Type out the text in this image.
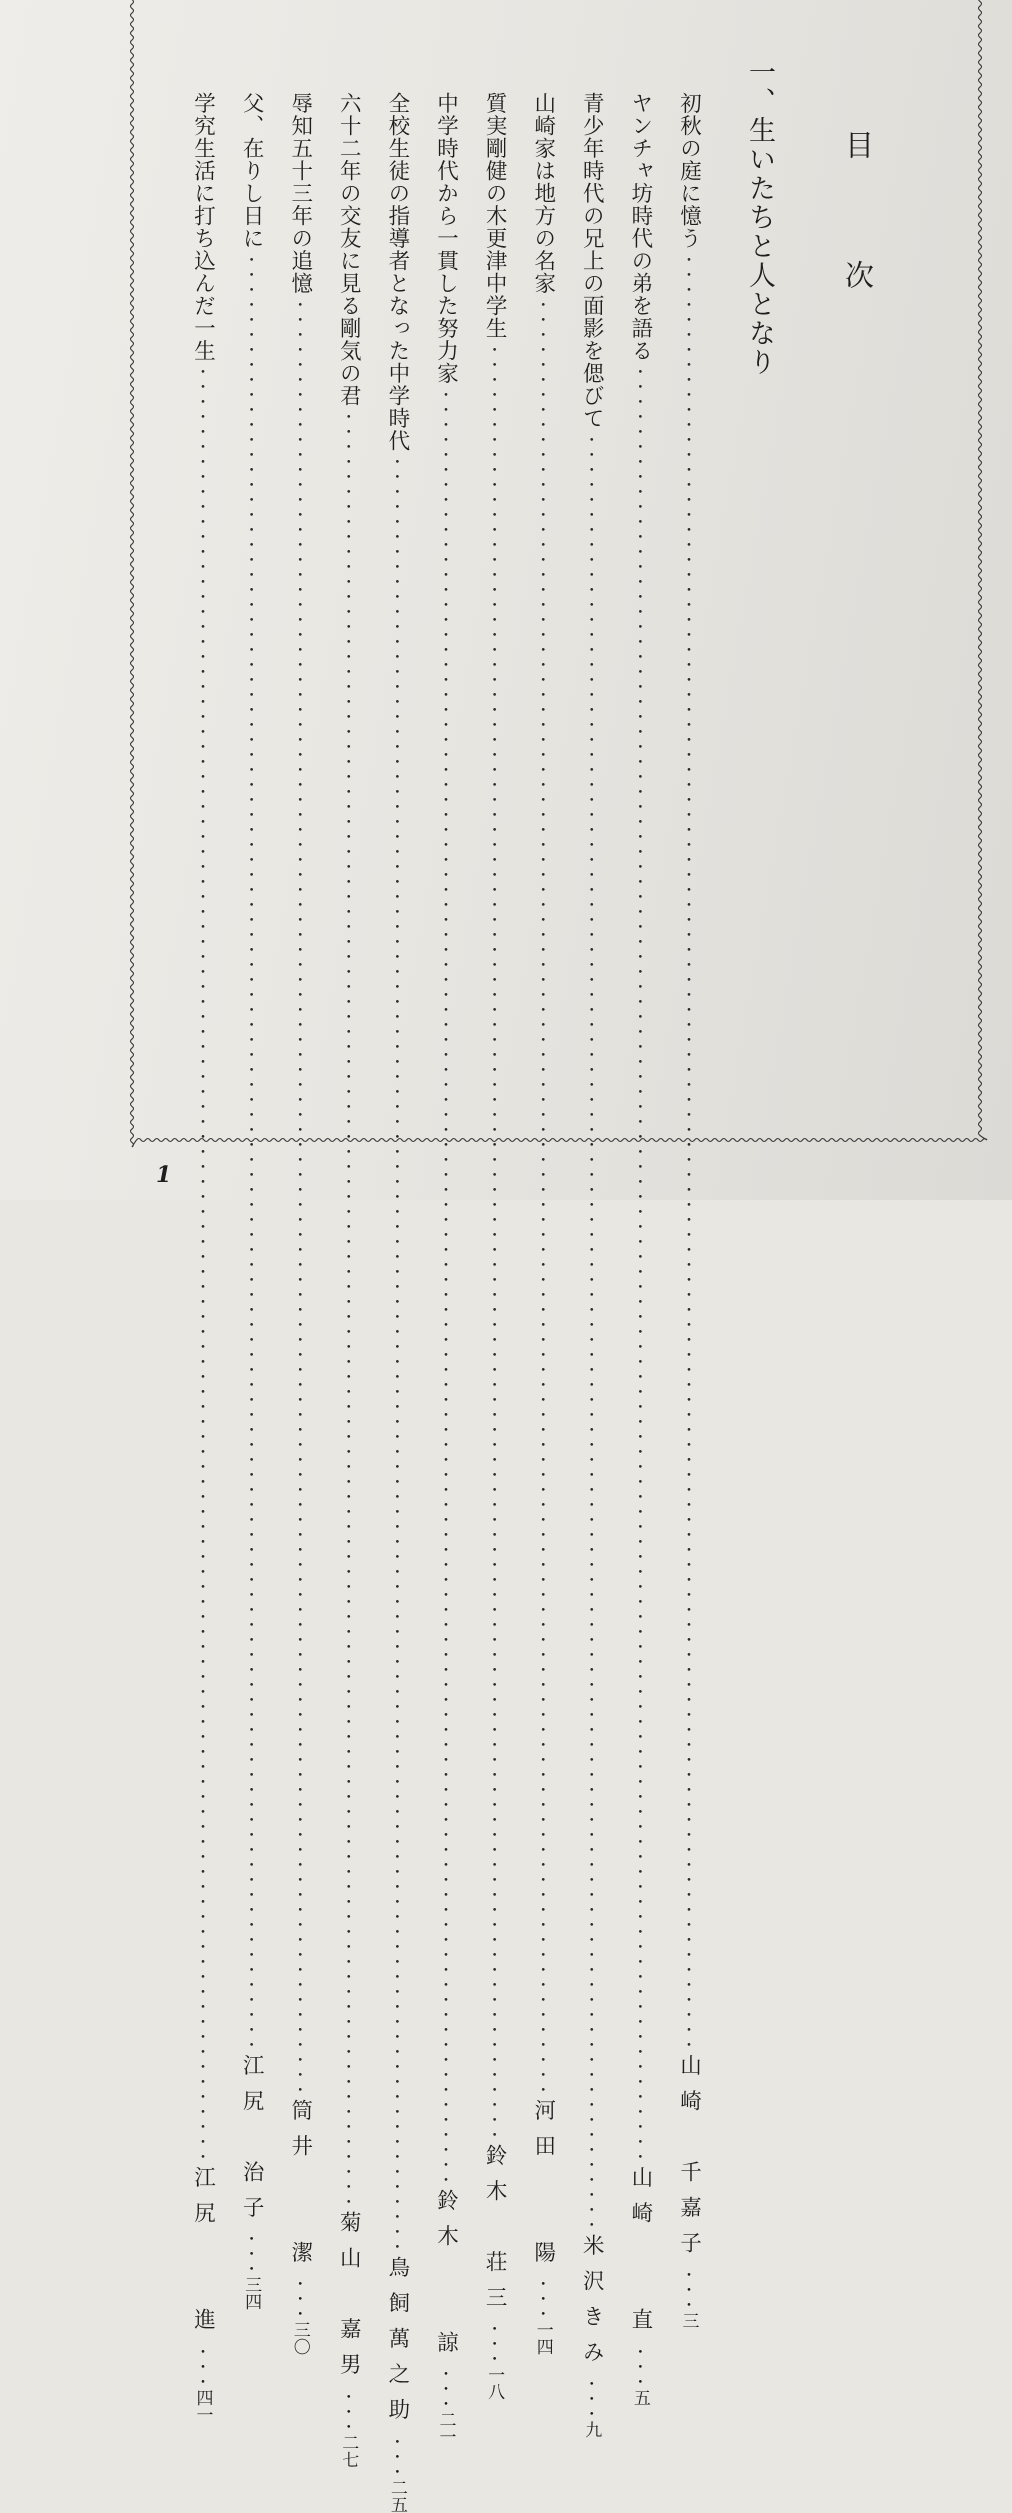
目　次
一、生いたちと人となり
初秋の庭に憶う
・・・・・・・・・・・・・・・・・・・・・・・・・・・・・・・・・・・・・・・・・・・・・・・・・・・・・・・・・・・・・・・・・・・・・・・・・・・・・・・・・・・・・・・・・・・・・・・・・・・・・・・・・・・・・・・・・・・・・・・・
山崎　千嘉子
・・・
三
ヤンチャ坊時代の弟を語る
・・・・・・・・・・・・・・・・・・・・・・・・・・・・・・・・・・・・・・・・・・・・・・・・・・・・・・・・・・・・・・・・・・・・・・・・・・・・・・・・・・・・・・・・・・・・・・・・・・・・・・・・・・・・・・・・・・・・・・・・
山崎　　直
・・・
五
青少年時代の兄上の面影を偲びて
・・・・・・・・・・・・・・・・・・・・・・・・・・・・・・・・・・・・・・・・・・・・・・・・・・・・・・・・・・・・・・・・・・・・・・・・・・・・・・・・・・・・・・・・・・・・・・・・・・・・・・・・・・・・・・・・・・・・・・・・
米沢きみ
・・・
九
山崎家は地方の名家
・・・・・・・・・・・・・・・・・・・・・・・・・・・・・・・・・・・・・・・・・・・・・・・・・・・・・・・・・・・・・・・・・・・・・・・・・・・・・・・・・・・・・・・・・・・・・・・・・・・・・・・・・・・・・・・・・・・・・・・・
河田　　陽
・・・
一四
質実剛健の木更津中学生
・・・・・・・・・・・・・・・・・・・・・・・・・・・・・・・・・・・・・・・・・・・・・・・・・・・・・・・・・・・・・・・・・・・・・・・・・・・・・・・・・・・・・・・・・・・・・・・・・・・・・・・・・・・・・・・・・・・・・・・・
鈴木　荘三
・・・
一八
中学時代から一貫した努力家
・・・・・・・・・・・・・・・・・・・・・・・・・・・・・・・・・・・・・・・・・・・・・・・・・・・・・・・・・・・・・・・・・・・・・・・・・・・・・・・・・・・・・・・・・・・・・・・・・・・・・・・・・・・・・・・・・・・・・・・・
鈴木　　諒
・・・
二一
全校生徒の指導者となった中学時代
・・・・・・・・・・・・・・・・・・・・・・・・・・・・・・・・・・・・・・・・・・・・・・・・・・・・・・・・・・・・・・・・・・・・・・・・・・・・・・・・・・・・・・・・・・・・・・・・・・・・・・・・・・・・・・・・・・・・・・・・
鳥飼萬之助
・・・
二五
六十二年の交友に見る剛気の君
・・・・・・・・・・・・・・・・・・・・・・・・・・・・・・・・・・・・・・・・・・・・・・・・・・・・・・・・・・・・・・・・・・・・・・・・・・・・・・・・・・・・・・・・・・・・・・・・・・・・・・・・・・・・・・・・・・・・・・・・
菊山　嘉男
・・・
二七
辱知五十三年の追憶
・・・・・・・・・・・・・・・・・・・・・・・・・・・・・・・・・・・・・・・・・・・・・・・・・・・・・・・・・・・・・・・・・・・・・・・・・・・・・・・・・・・・・・・・・・・・・・・・・・・・・・・・・・・・・・・・・・・・・・・・
筒井　　潔
・・・
三〇
父、在りし日に
・・・・・・・・・・・・・・・・・・・・・・・・・・・・・・・・・・・・・・・・・・・・・・・・・・・・・・・・・・・・・・・・・・・・・・・・・・・・・・・・・・・・・・・・・・・・・・・・・・・・・・・・・・・・・・・・・・・・・・・・
江尻　治子
・・・
三四
学究生活に打ち込んだ一生
・・・・・・・・・・・・・・・・・・・・・・・・・・・・・・・・・・・・・・・・・・・・・・・・・・・・・・・・・・・・・・・・・・・・・・・・・・・・・・・・・・・・・・・・・・・・・・・・・・・・・・・・・・・・・・・・・・・・・・・・
江尻　　進
・・・
四一
1
